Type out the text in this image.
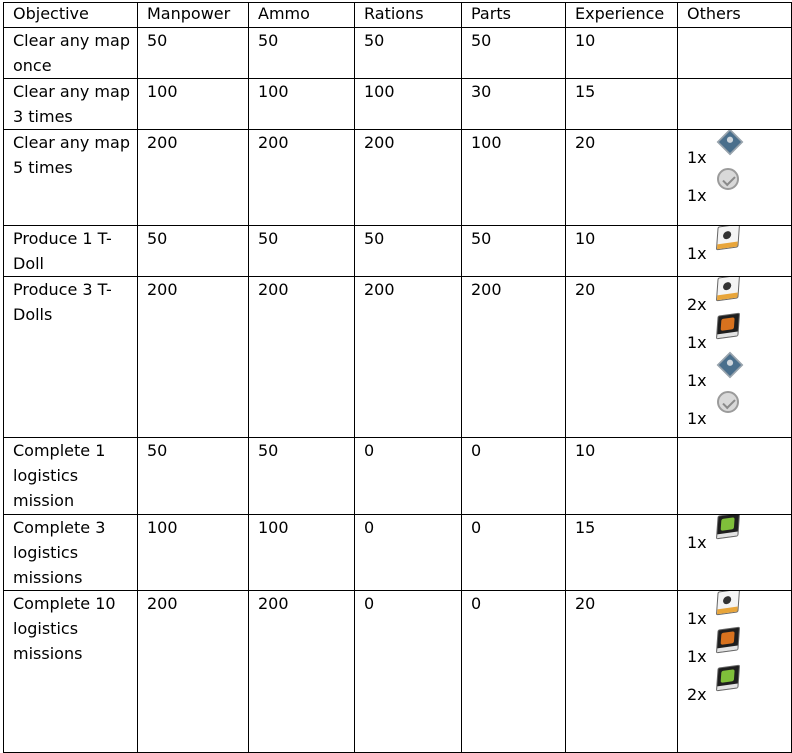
Objective	Manpower	Ammo	Rations	Parts	Experience	Others
Clear any map once	50	50	50	50	10	
Clear any map 3 times	100	100	100	30	15	
Clear any map 5 times	200	200	200	100	20	1x
1x

Produce 1 T-Doll	50	50	50	50	10	1x

Produce 3 T-Dolls	200	200	200	200	20	2x
1x
1x
1x

Complete 1 logistics mission	50	50	0	0	10	
Complete 3 logistics missions	100	100	0	0	15	1x

Complete 10 logistics missions	200	200	0	0	20	1x
1x
2x
